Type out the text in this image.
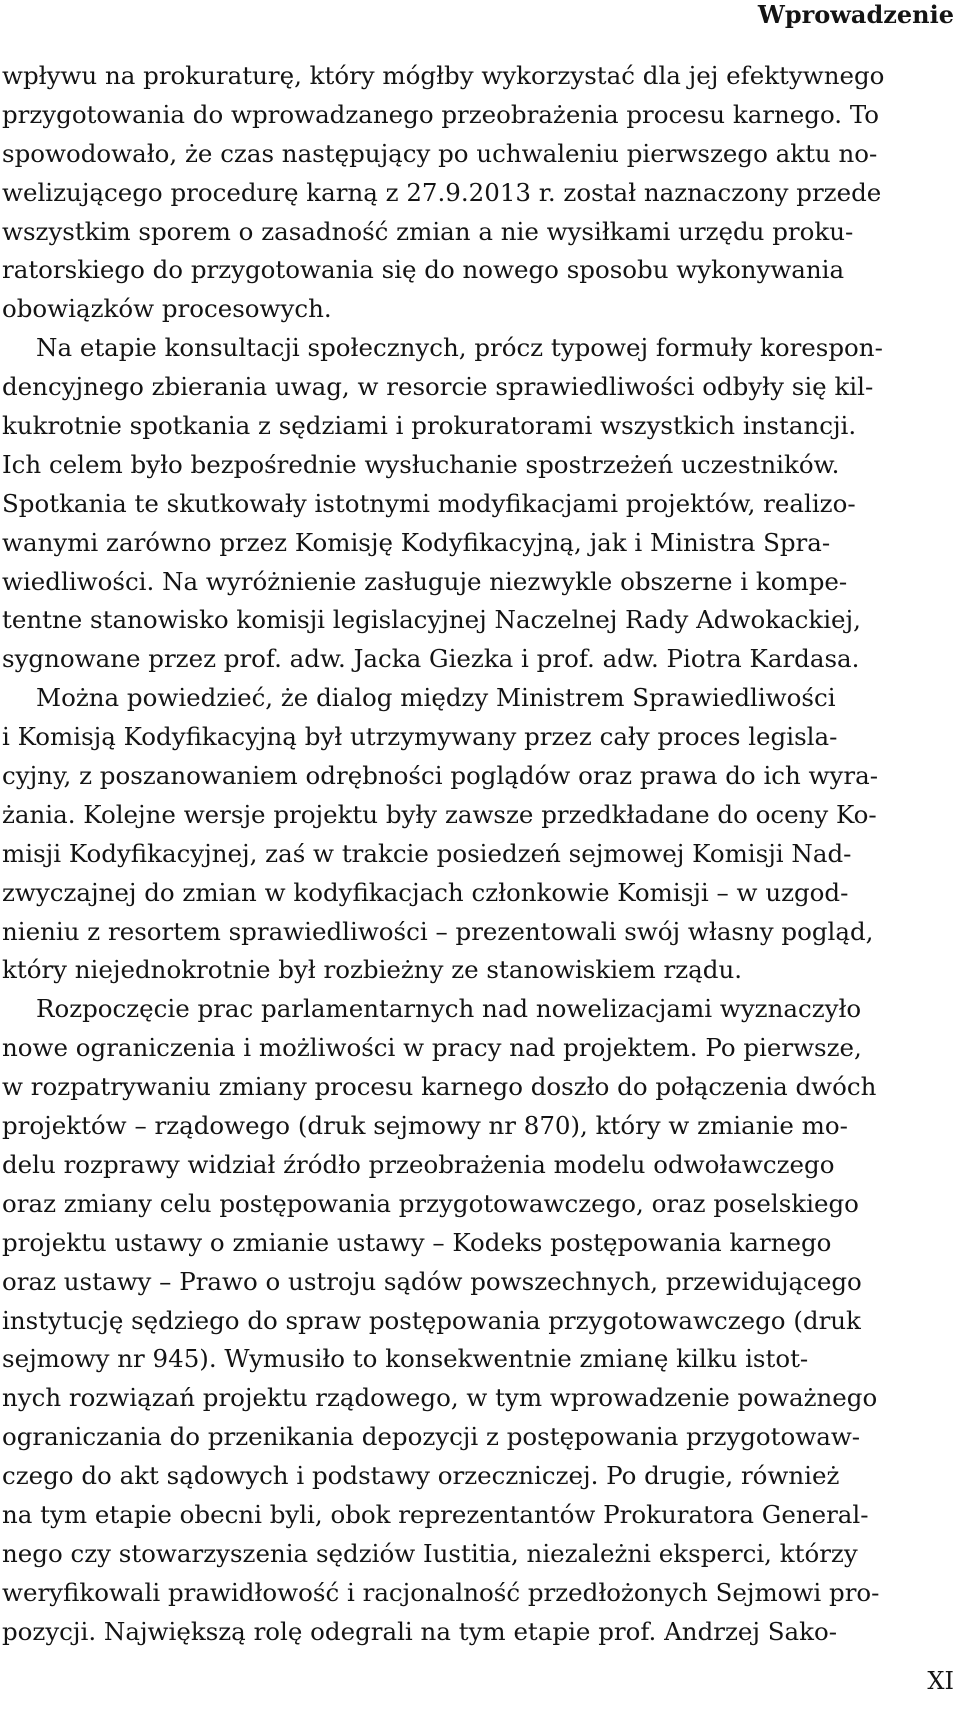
Wprowadzenie
wpływu na prokuraturę, który mógłby wykorzystać dla jej efektywnego
przygotowania do wprowadzanego przeobrażenia procesu karnego. To
spowodowało, że czas następujący po uchwaleniu pierwszego aktu no-
welizującego procedurę karną z 27.9.2013 r. został naznaczony przede
wszystkim sporem o zasadność zmian a nie wysiłkami urzędu proku-
ratorskiego do przygotowania się do nowego sposobu wykonywania
obowiązków procesowych.
Na etapie konsultacji społecznych, prócz typowej formuły korespon-
dencyjnego zbierania uwag, w resorcie sprawiedliwości odbyły się kil-
kukrotnie spotkania z sędziami i prokuratorami wszystkich instancji.
Ich celem było bezpośrednie wysłuchanie spostrzeżeń uczestników.
Spotkania te skutkowały istotnymi modyfikacjami projektów, realizo-
wanymi zarówno przez Komisję Kodyfikacyjną, jak i Ministra Spra-
wiedliwości. Na wyróżnienie zasługuje niezwykle obszerne i kompe-
tentne stanowisko komisji legislacyjnej Naczelnej Rady Adwokackiej,
sygnowane przez prof. adw. Jacka Giezka i prof. adw. Piotra Kardasa.
Można powiedzieć, że dialog między Ministrem Sprawiedliwości
i Komisją Kodyfikacyjną był utrzymywany przez cały proces legisla-
cyjny, z poszanowaniem odrębności poglądów oraz prawa do ich wyra-
żania. Kolejne wersje projektu były zawsze przedkładane do oceny Ko-
misji Kodyfikacyjnej, zaś w trakcie posiedzeń sejmowej Komisji Nad-
zwyczajnej do zmian w kodyfikacjach członkowie Komisji – w uzgod-
nieniu z resortem sprawiedliwości – prezentowali swój własny pogląd,
który niejednokrotnie był rozbieżny ze stanowiskiem rządu.
Rozpoczęcie prac parlamentarnych nad nowelizacjami wyznaczyło
nowe ograniczenia i możliwości w pracy nad projektem. Po pierwsze,
w rozpatrywaniu zmiany procesu karnego doszło do połączenia dwóch
projektów – rządowego (druk sejmowy nr 870), który w zmianie mo-
delu rozprawy widział źródło przeobrażenia modelu odwoławczego
oraz zmiany celu postępowania przygotowawczego, oraz poselskiego
projektu ustawy o zmianie ustawy – Kodeks postępowania karnego
oraz ustawy – Prawo o ustroju sądów powszechnych, przewidującego
instytucję sędziego do spraw postępowania przygotowawczego (druk
sejmowy nr 945). Wymusiło to konsekwentnie zmianę kilku istot-
nych rozwiązań projektu rządowego, w tym wprowadzenie poważnego
ograniczania do przenikania depozycji z postępowania przygotowaw-
czego do akt sądowych i podstawy orzeczniczej. Po drugie, również
na tym etapie obecni byli, obok reprezentantów Prokuratora General-
nego czy stowarzyszenia sędziów Iustitia, niezależni eksperci, którzy
weryfikowali prawidłowość i racjonalność przedłożonych Sejmowi pro-
pozycji. Największą rolę odegrali na tym etapie prof. Andrzej Sako-
XI
